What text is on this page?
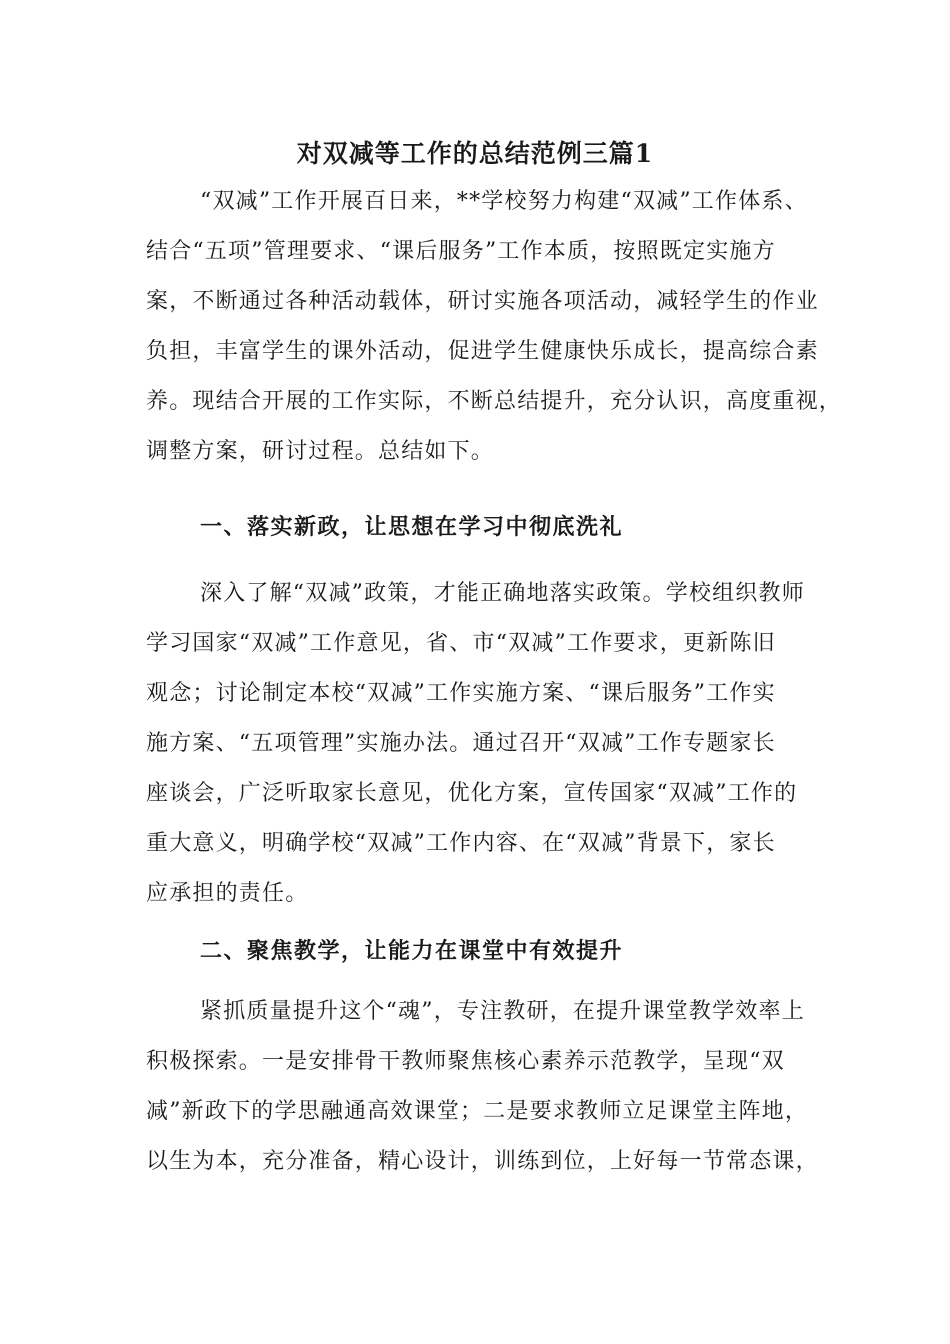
对双减等工作的总结范例三篇1
“双减”工作开展百日来，**学校努力构建“双减”工作体系、
结合“五项”管理要求、“课后服务”工作本质，按照既定实施方
案，不断通过各种活动载体，研讨实施各项活动，减轻学生的作业
负担，丰富学生的课外活动，促进学生健康快乐成长，提高综合素
养。现结合开展的工作实际，不断总结提升，充分认识，高度重视，
调整方案，研讨过程。总结如下。
一、落实新政，让思想在学习中彻底洗礼
深入了解“双减”政策，才能正确地落实政策。学校组织教师
学习国家“双减”工作意见，省、市“双减”工作要求，更新陈旧
观念；讨论制定本校“双减”工作实施方案、“课后服务”工作实
施方案、“五项管理”实施办法。通过召开“双减”工作专题家长
座谈会，广泛听取家长意见，优化方案，宣传国家“双减”工作的
重大意义，明确学校“双减”工作内容、在“双减”背景下，家长
应承担的责任。
二、聚焦教学，让能力在课堂中有效提升
紧抓质量提升这个“魂”，专注教研，在提升课堂教学效率上
积极探索。一是安排骨干教师聚焦核心素养示范教学，呈现“双
减”新政下的学思融通高效课堂；二是要求教师立足课堂主阵地，
以生为本，充分准备，精心设计，训练到位，上好每一节常态课，
